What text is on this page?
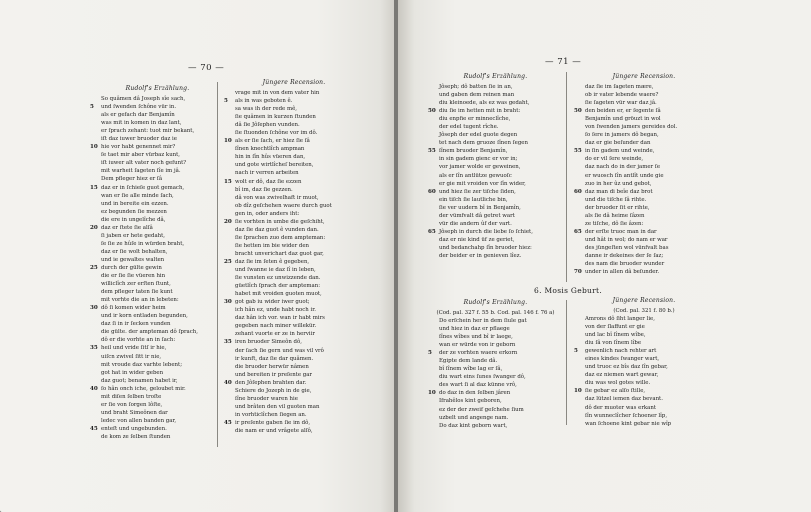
— 70 —
Rudolf's Erzählung.
So quâmen dâ Joseph sîe sach,
5 und ſwenden ſchône vür in.
als er gefach dar Benjamîn
was mit in komen in daz lant,
er ſprach zehant: tuot mir bekant,
iſt daz iuwer bruoder daz ie
10 hie vor habt genennet mir?
ſe taet mir aber vürbaz kunt,
iſt iuwer alt vater noch gefunt?
mit warheit ſageten ſîe im jâ.
Dem pfleger hiez er ſâ
15 daz er in ſchieſe guot gemach,
wan er ſie alle minde ſach,
und in bereite ein ezzen.
ez begunden ſie mezzen
die ere in ungelîche dâ,
20 daz er ſtete ſie alſâ
ſi jaben er hete gedaht,
ſe ſie ze hûſe in würden braht,
daz er ſie wolt behalten,
und ie gewaltes walten
25 durch der gülte gewin
die er ſie ſie vüeren hin
williclîch zer erſten ſtunt,
dem pfleger taten ſie kunt
mit vorhte die an in lebeten:
30 dô ſi komen wider heim
und ir korn entladen begunden,
daz ſi in ir ſecken vunden
die gülte. der ampteman dô ſprach,
dô er die vorhte an in ſach:
35 heil und vride ſitſ ir hie,
uiſcn zwivel ſitt ir nie,
mit vroude daz varhte lebent;
got hat in wider geben
daz guot; benamen habet ir,
40 ſo hân onch iche, geloubet mir.
mit diſen ſelben troſte
er ſie von ſorgen lôſte,
und braht Simeônen dar
ledec von allen banden gar,
45 enteſt und ungebunden.
de kom ze ſelben ſtunden
Jüngere Recension.
vrage mit in von dem vater hin
5 als in was geboten ê.
sa was ih der rede mê,
ſie quâmen in kurzen ſtunden
dâ ſie Jôſephen vunden.
ſie ſtuonden ſchône vor im dô.
10 als er ſie ſach, er hiez ſie ſâ
ſînen knechtlîch ampman
hin in ſîn hûs vüeren dan,
und gote wirtlîcheſ bereiten,
nach ir verren arbeiten
15 wolt er dô, daz ſie ezzen
bî im, daz ſie gezzen.
dâ von was zwivelhaft ir muot,
ob dîz geſchehen waere durch guot
gen in, oder anders iht:
20 ſie vorhten in umbe die geſchiht,
daz ſie daz guot ê vunden dan.
ſie ſprachen zuo dem ampteman:
ſie hetten im bie wider den
bracht unverichart daz guot gar,
25 daz ſie im ſeten ê gegeben,
und ſwanne ie daz ſî in leben,
ſie vunsten ez unwizzende dan.
güetlîch ſprach der ampteman:
habet mit vroiden guoten muot,
30 got gab iu wider iwer guot;
ich hân ez, unde habt noch ir.
daz hân ich vor. wan ir habt mirs
gegeben nach miner willekür.
zehant vuorte er ze in herviir
35 iren bruoder Simeôn dô,
der ſach ſie gern und was vil vrô
ir kunft, daz ſie dar quâmen.
die bruoder herwür nâmen
und bereiten ir preſente gar
40 den Jôſephen brahten dar.
Schiere do Jozeph in de gie,
ſîne bruoder waren hie
und brâten den vil guoten man
in vorhticlîchen ſiegen an.
45 ir preſente gaben ſie im dô,
die nam er und vrâgete alſô,
— 71 —
Rudolf's Erzählung.
Jôseph; dô batten ſie in an,
und gaben dem reinen man
diu kleinoede, als ez was gedaht,
50 diu ſie im hetten mit in braht:
diu enpfie er minneclîche,
der edel tugent rîche.
Jôseph der edel guote degen
tet nach dem gruoze ſînen ſegen
55 ſînem bruoder Benjamîn,
in sin gadem gienc er vor in;
vor jamer wolde er geweinen,
als er ſîn antlütze gewuoſc
er gie mit vroiden vor ſîn wider,
60 und hiez ſie zer tiſche ſiden,
ein tiſch ſie lautliche bin,
ſie ver uudern bî in Benjamîn,
der vümfvalt dâ getret wart
vür die andern ûf der vart.
65 Jôseph in durch die liebe ſo ſchiet,
daz er nie kind üf ze geriet,
und bedanchahp ſîn bruoder hiez:
der beider er in genieven lîez.
Jüngere Recension.
daz ſie im ſageten mære,
ob ir vater lebende waere?
ſie ſageten vür war daz jâ.
50 den beiden er, er ſegente ſâ
Benjamîn und gröuzt in wol
von ſwenden jamers gereides dol.
ſo ſere in jamers dô began,
daz er gie beſunder dan
55 in ſin gadem und weinde,
do er vil ſere weinde,
daz nach do in der jamer ſe
er wuosch ſîn antlît unde gie
zuo in her ûz und gebot,
60 daz man di beîe daz brot
und die tiſche ſâ rihte.
der bruoder ſit er rihte,
als ſie dâ heime ſâzen
ze tiſche, dô ſie âzen:
65 der erſte truoc man in dar
und hât in wol; do nam er war
des jüngeſten wol vünfvalt bas
danne ir dekeines der ſe ſaz;
des nam die bruoder wunder
70 under in allen dâ beſunder.
6. Mosis Geburt.
Rudolf's Erzählung.
(Cod. pal. 327 f. 55 b. Cod. pal. 146 f. 76 a)
Do erſchein her in dem ſiule gat
und hiez in daz er pflaege
ſînes wîbes und bî ir laege,
wan er würde von ir geborn
5 der ze vorhten waere erkorn
Egipte dem lande dâ.
bî ſînem wîbe lag er ſâ,
diu wart eins ſunes ſwanger dô,
des wart ſi al daz künne vrô,
10 do daz in den ſelben jâren
Ifrahêlos kint geboren,
ez der der zweif geſchehe ſium
uzbelt und angenge nam.
Do daz kint geborn wart,
Jüngere Recension.
(Cod. pal. 321 f. 80 b.)
Amrons dô ſiht langer lie,
von der ſlaffunt er gie
und lac bî ſînem wîbe,
diu ſâ von ſînem lîbe
5 gewenlich nach rehter art
eines kindes ſwanger wart,
und truoc ez bîs daz ſîn gebar,
daz ez niemen wart gewar,
diu was wol gotes wille.
10 ſie gebar ez alſo ſtille,
daz lützel iemen daz bevant.
dô der muoter was erkant
ſîn wunneclîcher ſchoener lîp,
wan ſchoene kint gebar nie wîp
